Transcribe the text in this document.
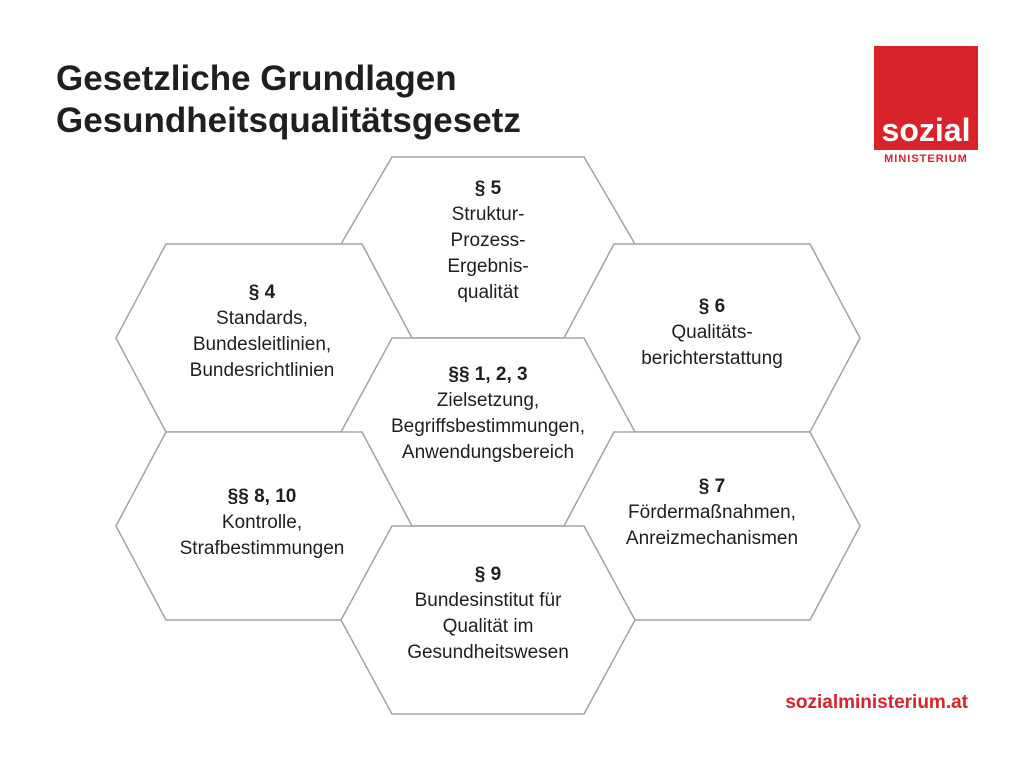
Gesetzliche Grundlagen
Gesundheitsqualitätsgesetz	sozial
MINISTERIUM
§ 5
Struktur-
Prozess-
Ergebnis-
qualität
§ 4
Standards,
Bundesleitlinien,
Bundesrichtlinien
§ 6
Qualitäts-
berichterstattung
§§ 1, 2, 3
Zielsetzung,
Begriffsbestimmungen,
Anwendungsbereich
§§ 8, 10
Kontrolle,
Strafbestimmungen
§ 7
Fördermaßnahmen,
Anreizmechanismen
§ 9
Bundesinstitut für
Qualität im
Gesundheitswesen
sozialministerium.at
